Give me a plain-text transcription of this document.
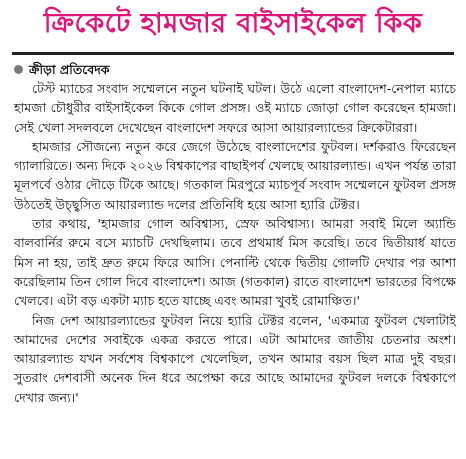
ক্রিকেটে হামজার বাইসাইকেল কিক
ক্রীড়া প্রতিবেদক

টেস্ট ম্যাচের সংবাদ সম্মেলনে নতুন ঘটনাই ঘটল। উঠে এলো বাংলাদেশ-নেপাল ম্যাচে হামজা চৌধুরীর বাইসাইকেল কিকে গোল প্রসঙ্গ। ওই ম্যাচে জোড়া গোল করেছেন হামজা। সেই খেলা সদলবলে দেখেছেন বাংলাদেশ সফরে আসা আয়ারল্যান্ডের ক্রিকেটাররা।

হামজার সৌজন্যে নতুন করে জেগে উঠেছে বাংলাদেশের ফুটবল। দর্শকরাও ফিরেছেন গ্যালারিতে। অন্য দিকে ২০২৬ বিশ্বকাপের বাছাইপর্ব খেলছে আয়ারল্যান্ড। এখন পর্যন্ত তারা মূলপর্বে ওঠার দৌড়ে টিকে আছে। গতকাল মিরপুরে ম্যাচপূর্ব সংবাদ সম্মেলনে ফুটবল প্রসঙ্গ উঠতেই উচ্ছ্বসিত আয়ারল্যান্ড দলের প্রতিনিধি হয়ে আসা হ্যারি টেক্টর।

তার কথায়, 'হামজার গোল অবিশ্বাস্য, স্রেফ অবিশ্বাস্য। আমরা সবাই মিলে অ্যান্ডি বালবার্নির রুমে বসে ম্যাচটি দেখছিলাম। তবে প্রথমার্ধ মিস করেছি। তবে দ্বিতীয়ার্ধ যাতে মিস না হয়, তাই দ্রুত রুমে ফিরে আসি। পেনাল্টি থেকে দ্বিতীয় গোলটি দেখার পর আশা করেছিলাম তিন গোল দিবে বাংলাদেশ। আজ (গতকাল) রাতে বাংলাদেশ ভারতের বিপক্ষে খেলবে। এটা বড় একটা ম্যাচ হতে যাচ্ছে এবং আমরা খুবই রোমাঞ্চিত।'

নিজ দেশ আয়ারল্যান্ডের ফুটবল নিয়ে হ্যারি টেক্টর বলেন, 'একমাত্র ফুটবল খেলাটাই আমাদের দেশের সবাইকে একত্র করতে পারে। এটা আমাদের জাতীয় চেতনার অংশ। আয়ারল্যান্ড যখন সর্বশেষ বিশ্বকাপে খেলেছিল, তখন আমার বয়স ছিল মাত্র দুই বছর। সুতরাং দেশবাসী অনেক দিন ধরে অপেক্ষা করে আছে আমাদের ফুটবল দলকে বিশ্বকাপে দেখার জন্য।'
